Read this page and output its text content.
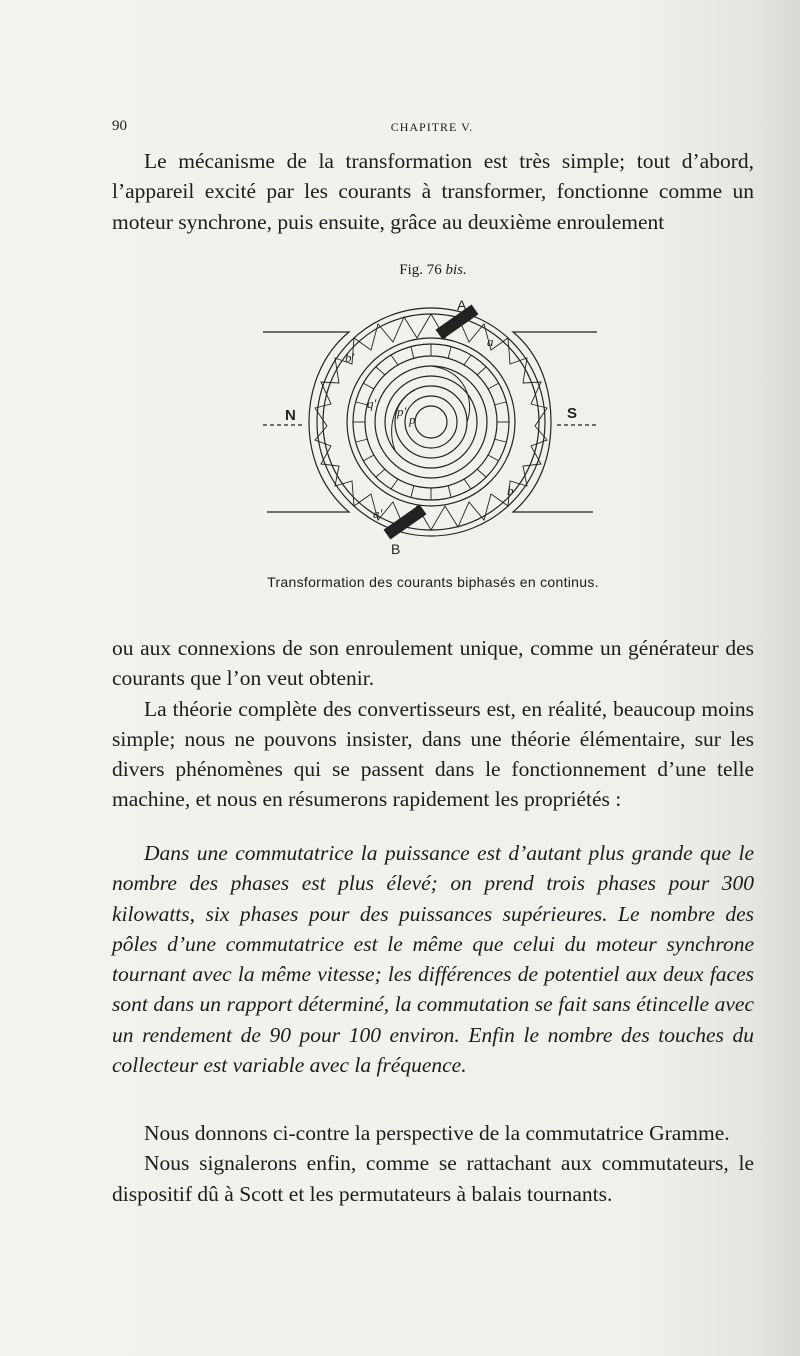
90	CHAPITRE V.

Le mécanisme de la transformation est très simple; tout d’abord, l’appareil excité par les courants à transformer, fonctionne comme un moteur synchrone, puis ensuite, grâce au deuxième enroulement

Fig. 76 bis.
A
B
N	S
a
a′
b
b′
p
p′
q′
Transformation des courants biphasés en continus.

ou aux connexions de son enroulement unique, comme un générateur des courants que l’on veut obtenir.

La théorie complète des convertisseurs est, en réalité, beaucoup moins simple; nous ne pouvons insister, dans une théorie élémentaire, sur les divers phénomènes qui se passent dans le fonctionnement d’une telle machine, et nous en résumerons rapidement les propriétés :

Dans une commutatrice la puissance est d’autant plus grande que le nombre des phases est plus élevé; on prend trois phases pour 300 kilowatts, six phases pour des puissances supérieures. Le nombre des pôles d’une commutatrice est le même que celui du moteur synchrone tournant avec la même vitesse; les différences de potentiel aux deux faces sont dans un rapport déterminé, la commutation se fait sans étincelle avec un rendement de 90 pour 100 environ. Enfin le nombre des touches du collecteur est variable avec la fréquence.

Nous donnons ci-contre la perspective de la commutatrice Gramme.

Nous signalerons enfin, comme se rattachant aux commutateurs, le dispositif dû à Scott et les permutateurs à balais tournants.
